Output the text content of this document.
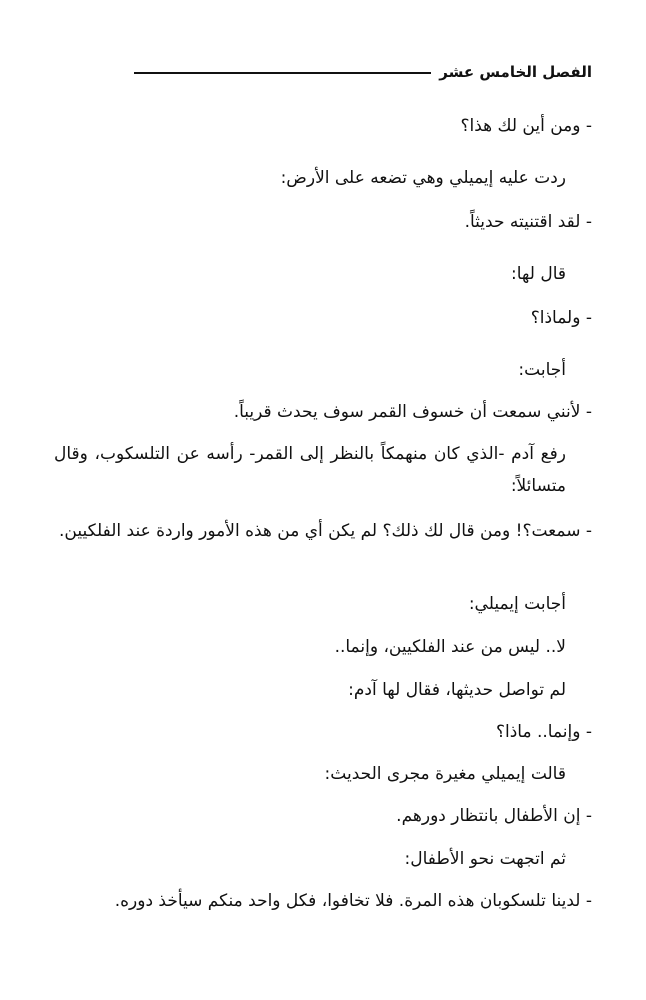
الفصل الخامس عشر
- ومن أين لك هذا؟
ردت عليه إيميلي وهي تضعه على الأرض:
- لقد اقتنيته حديثاً.
قال لها:
- ولماذا؟
أجابت:
- لأنني سمعت أن خسوف القمر سوف يحدث قريباً.
رفع آدم -الذي كان منهمكاً بالنظر إلى القمر- رأسه عن التلسكوب، وقال متسائلاً:
- سمعت؟! ومن قال لك ذلك؟ لم يكن أي من هذه الأمور واردة عند الفلكيين.
أجابت إيميلي:
لا.. ليس من عند الفلكيين، وإنما..
لم تواصل حديثها، فقال لها آدم:
- وإنما.. ماذا؟
قالت إيميلي مغيرة مجرى الحديث:
- إن الأطفال بانتظار دورهم.
ثم اتجهت نحو الأطفال:
- لدينا تلسكوبان هذه المرة. فلا تخافوا، فكل واحد منكم سيأخذ دوره.
